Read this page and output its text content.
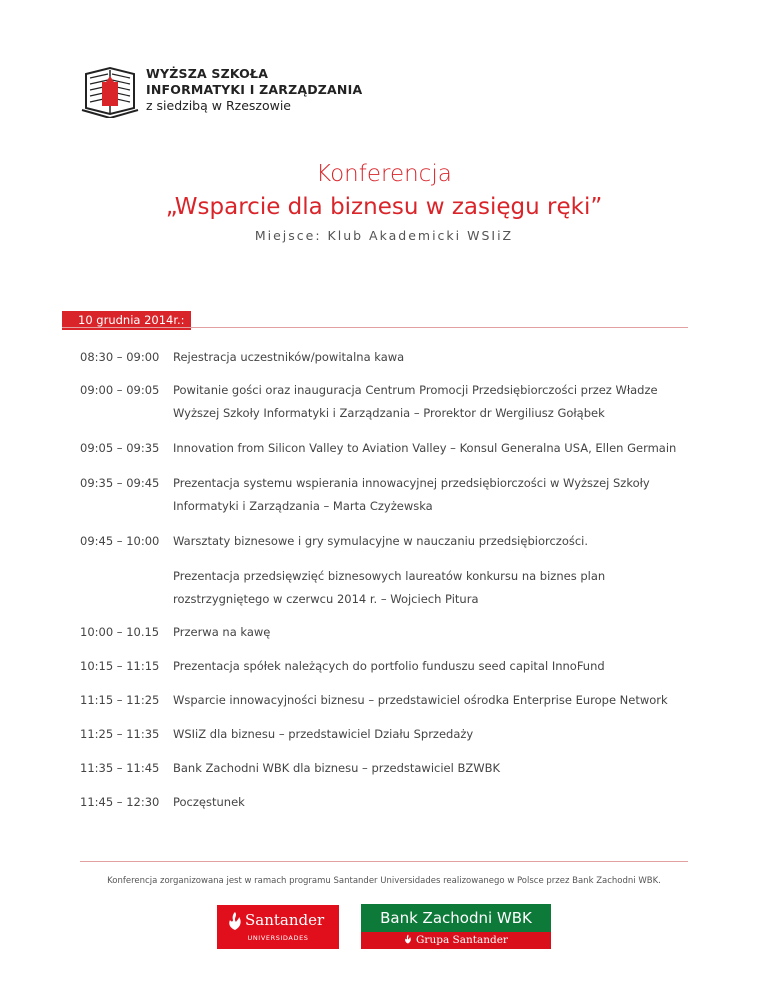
WYŻSZA SZKOŁA
INFORMATYKI I ZARZĄDZANIA
z siedzibą w Rzeszowie
Konferencja
„Wsparcie dla biznesu w zasięgu ręki”
Miejsce: Klub Akademicki WSIiZ
10 grudnia 2014r.:
08:30 – 09:00	Rejestracja uczestników/powitalna kawa
09:00 – 09:05	Powitanie gości oraz inauguracja Centrum Promocji Przedsiębiorczości przez Władze
Wyższej Szkoły Informatyki i Zarządzania – Prorektor dr Wergiliusz Gołąbek
09:05 – 09:35	Innovation from Silicon Valley to Aviation Valley – Konsul Generalna USA, Ellen Germain
09:35 – 09:45	Prezentacja systemu wspierania innowacyjnej przedsiębiorczości w Wyższej Szkoły
Informatyki i Zarządzania – Marta Czyżewska
09:45 – 10:00	Warsztaty biznesowe i gry symulacyjne w nauczaniu przedsiębiorczości.
Prezentacja przedsięwzięć biznesowych laureatów konkursu na biznes plan
rozstrzygniętego w czerwcu 2014 r. – Wojciech Pitura
10:00 – 10.15	Przerwa na kawę
10:15 – 11:15	Prezentacja spółek należących do portfolio funduszu seed capital InnoFund
11:15 – 11:25	Wsparcie innowacyjności biznesu – przedstawiciel ośrodka Enterprise Europe Network
11:25 – 11:35	WSIiZ dla biznesu – przedstawiciel Działu Sprzedaży
11:35 – 11:45	Bank Zachodni WBK dla biznesu – przedstawiciel BZWBK
11:45 – 12:30	Poczęstunek
Konferencja zorganizowana jest w ramach programu Santander Universidades realizowanego w Polsce przez Bank Zachodni WBK.
Santander
UNIVERSIDADES
Bank Zachodni WBK
Grupa Santander
